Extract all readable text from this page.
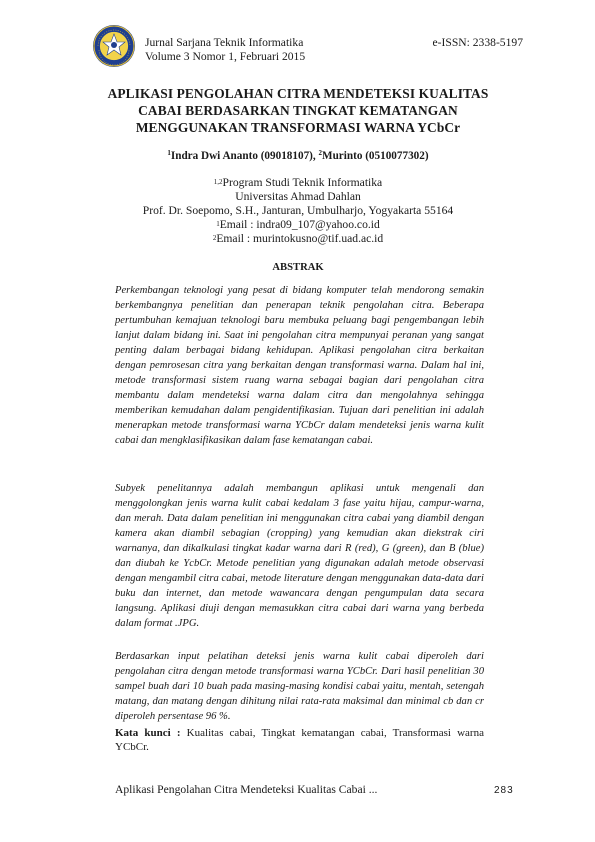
Jurnal Sarjana Teknik Informatika
Volume 3 Nomor 1, Februari 2015
e-ISSN: 2338-5197
APLIKASI PENGOLAHAN CITRA MENDETEKSI KUALITAS
CABAI BERDASARKAN TINGKAT KEMATANGAN
MENGGUNAKAN TRANSFORMASI WARNA YCbCr
$^1$Indra Dwi Ananto (09018107), $^2$Murinto (0510077302)
$^{1,2}$Program Studi Teknik Informatika
Universitas Ahmad Dahlan
Prof. Dr. Soepomo, S.H., Janturan, Umbulharjo, Yogyakarta 55164
$^1$Email : indra09_107@yahoo.co.id
$^2$Email : murintokusno@tif.uad.ac.id
ABSTRAK

Perkembangan teknologi yang pesat di bidang komputer telah mendorong semakin berkembangnya penelitian dan penerapan teknik pengolahan citra. Beberapa pertumbuhan kemajuan teknologi baru membuka peluang bagi pengembangan lebih lanjut dalam bidang ini. Saat ini pengolahan citra mempunyai peranan yang sangat penting dalam berbagai bidang kehidupan. Aplikasi pengolahan citra berkaitan dengan pemrosesan citra yang berkaitan dengan transformasi warna. Dalam hal ini, metode transformasi sistem ruang warna sebagai bagian dari pengolahan citra membantu dalam mendeteksi warna dalam citra dan mengolahnya sehingga memberikan kemudahan dalam pengidentifikasian. Tujuan dari penelitian ini adalah menerapkan metode transformasi warna YCbCr dalam mendeteksi jenis warna kulit cabai dan mengklasifikasikan dalam fase kematangan cabai.

Subyek penelitannya adalah membangun aplikasi untuk mengenali dan menggolongkan jenis warna kulit cabai kedalam 3 fase yaitu hijau, campur-warna, dan merah. Data dalam penelitian ini menggunakan citra cabai yang diambil dengan kamera akan diambil sebagian (cropping) yang kemudian akan diekstrak ciri warnanya, dan dikalkulasi tingkat kadar warna dari R (red), G (green), dan B (blue) dan diubah ke YcbCr. Metode penelitian yang digunakan adalah metode observasi dengan mengambil citra cabai, metode literature dengan menggunakan data-data dari buku dan internet, dan metode wawancara dengan pengumpulan data secara langsung. Aplikasi diuji dengan memasukkan citra cabai dari warna yang berbeda dalam format .JPG.

Berdasarkan input pelatihan deteksi jenis warna kulit cabai diperoleh dari pengolahan citra dengan metode transformasi warna YCbCr. Dari hasil penelitian 30 sampel buah dari 10 buah pada masing-masing kondisi cabai yaitu, mentah, setengah matang, dan matang dengan dihitung nilai rata-rata maksimal dan minimal cb dan cr diperoleh persentase 96 %.

Kata kunci : Kualitas cabai, Tingkat kematangan cabai, Transformasi warna YCbCr.

Aplikasi Pengolahan Citra Mendeteksi Kualitas Cabai ...	283
